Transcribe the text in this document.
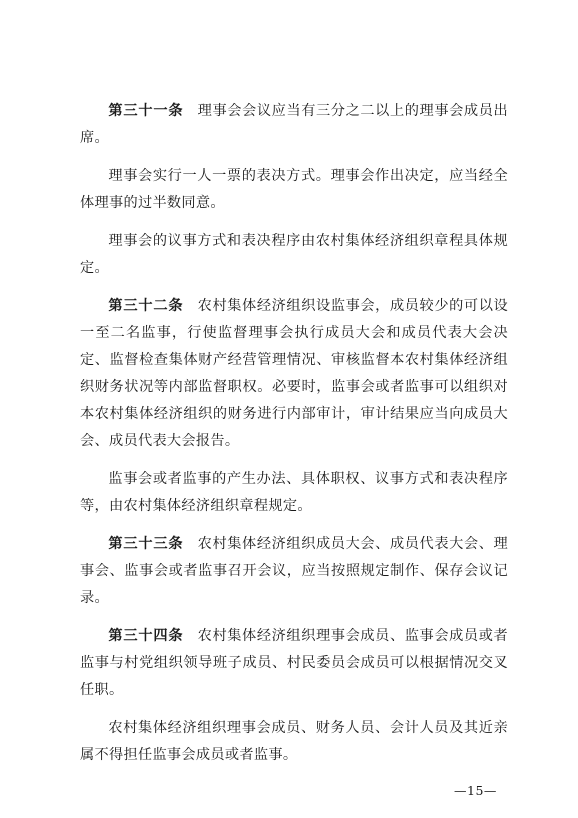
第三十一条 理事会会议应当有三分之二以上的理事会成员出席。

理事会实行一人一票的表决方式。理事会作出决定，应当经全体理事的过半数同意。

理事会的议事方式和表决程序由农村集体经济组织章程具体规定。

第三十二条 农村集体经济组织设监事会，成员较少的可以设一至二名监事，行使监督理事会执行成员大会和成员代表大会决定、监督检查集体财产经营管理情况、审核监督本农村集体经济组织财务状况等内部监督职权。必要时，监事会或者监事可以组织对本农村集体经济组织的财务进行内部审计，审计结果应当向成员大会、成员代表大会报告。

监事会或者监事的产生办法、具体职权、议事方式和表决程序等，由农村集体经济组织章程规定。

第三十三条 农村集体经济组织成员大会、成员代表大会、理事会、监事会或者监事召开会议，应当按照规定制作、保存会议记录。

第三十四条 农村集体经济组织理事会成员、监事会成员或者监事与村党组织领导班子成员、村民委员会成员可以根据情况交叉任职。

农村集体经济组织理事会成员、财务人员、会计人员及其近亲属不得担任监事会成员或者监事。

—15—
